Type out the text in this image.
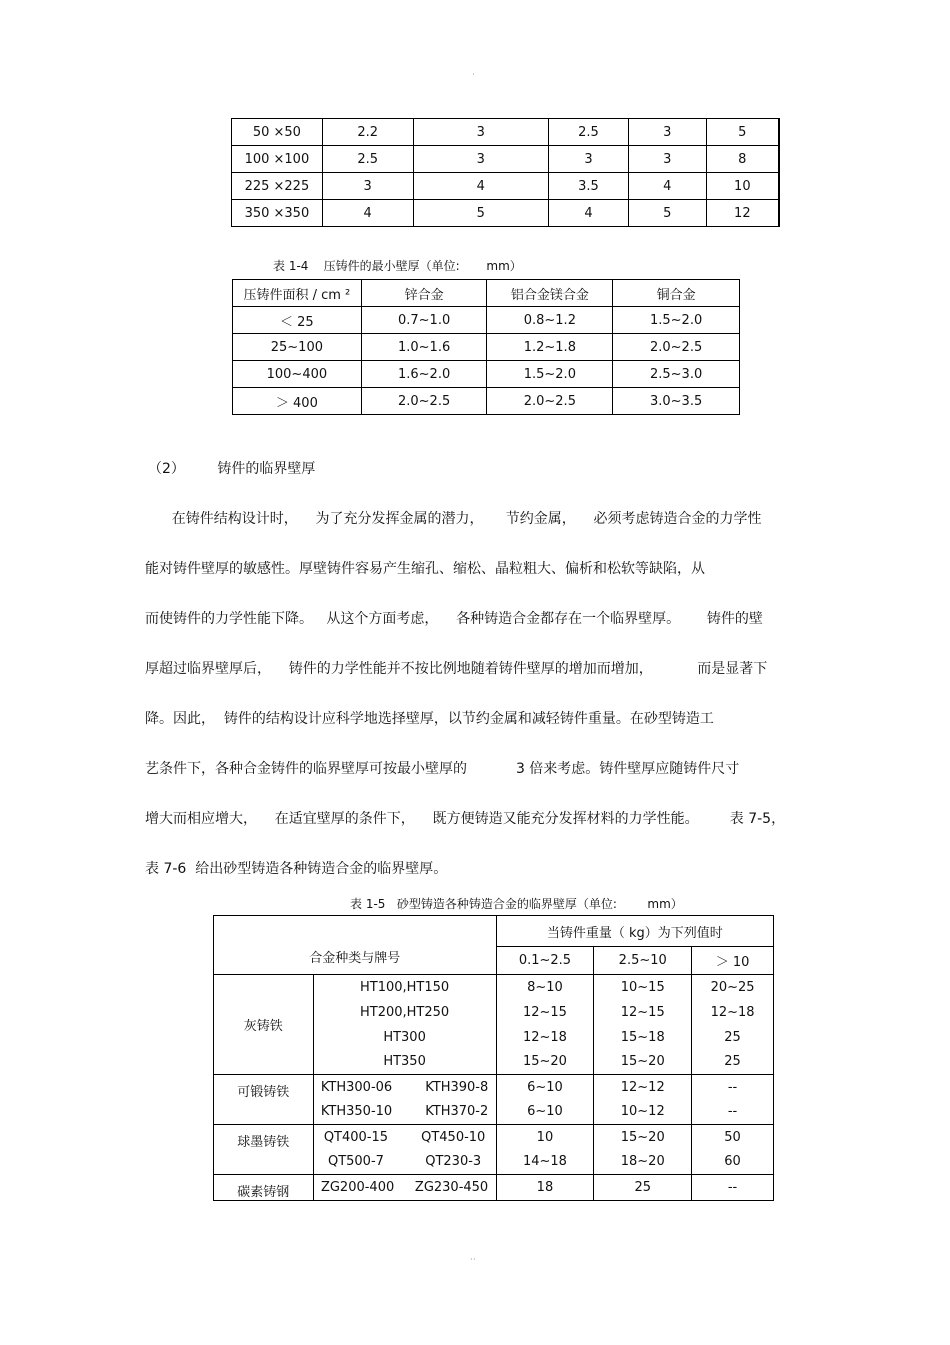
·
50 ×50	2.2	3	2.5	3	5
100 ×100	2.5	3	3	3	8
225 ×225	3	4	3.5	4	10
350 ×350	4	5	4	5	12
表 1-4    压铸件的最小壁厚（单位:       mm）
压铸件面积 / cm ²	锌合金	铝合金镁合金	铜合金
＜ 25	0.7~1.0	0.8~1.2	1.5~2.0
25~100	1.0~1.6	1.2~1.8	2.0~2.5
100~400	1.6~2.0	1.5~2.0	2.5~3.0
＞ 400	2.0~2.5	2.0~2.5	3.0~3.5
（2） 铸件的临界壁厚
在铸件结构设计时，    为了充分发挥金属的潜力，     节约金属，    必须考虑铸造合金的力学性
能对铸件壁厚的敏感性。厚壁铸件容易产生缩孔、缩松、晶粒粗大、偏析和松软等缺陷，从
而使铸件的力学性能下降。   从这个方面考虑，    各种铸造合金都存在一个临界壁厚。      铸件的壁
厚超过临界壁厚后，    铸件的力学性能并不按比例地随着铸件壁厚的增加而增加，          而是显著下
降。因此，  铸件的结构设计应科学地选择壁厚，以节约金属和减轻铸件重量。在砂型铸造工
艺条件下，各种合金铸件的临界壁厚可按最小壁厚的           3 倍来考虑。铸件壁厚应随铸件尺寸
增大而相应增大，    在适宜壁厚的条件下，    既方便铸造又能充分发挥材料的力学性能。       表 7-5，
表 7-6  给出砂型铸造各种铸造合金的临界壁厚。
表 1-5   砂型铸造各种铸造合金的临界壁厚（单位:        mm）
合金种类与牌号		当铸件重量（ kg）为下列值时		
		0.1~2.5	2.5~10	＞ 10
灰铸铁	HT100,HT150	8~10	10~15	20~25
	HT200,HT250	12~15	12~15	12~18
	HT300	12~18	15~18	25
	HT350	15~20	15~20	25
可锻铸铁	KTH300-06        KTH390-8	6~10	12~12	--
	KTH350-10        KTH370-2	6~10	10~12	--
球墨铸铁	QT400-15        QT450-10	10	15~20	50
	QT500-7          QT230-3	14~18	18~20	60
碳素铸钢	ZG200-400     ZG230-450	18	25	--
··
